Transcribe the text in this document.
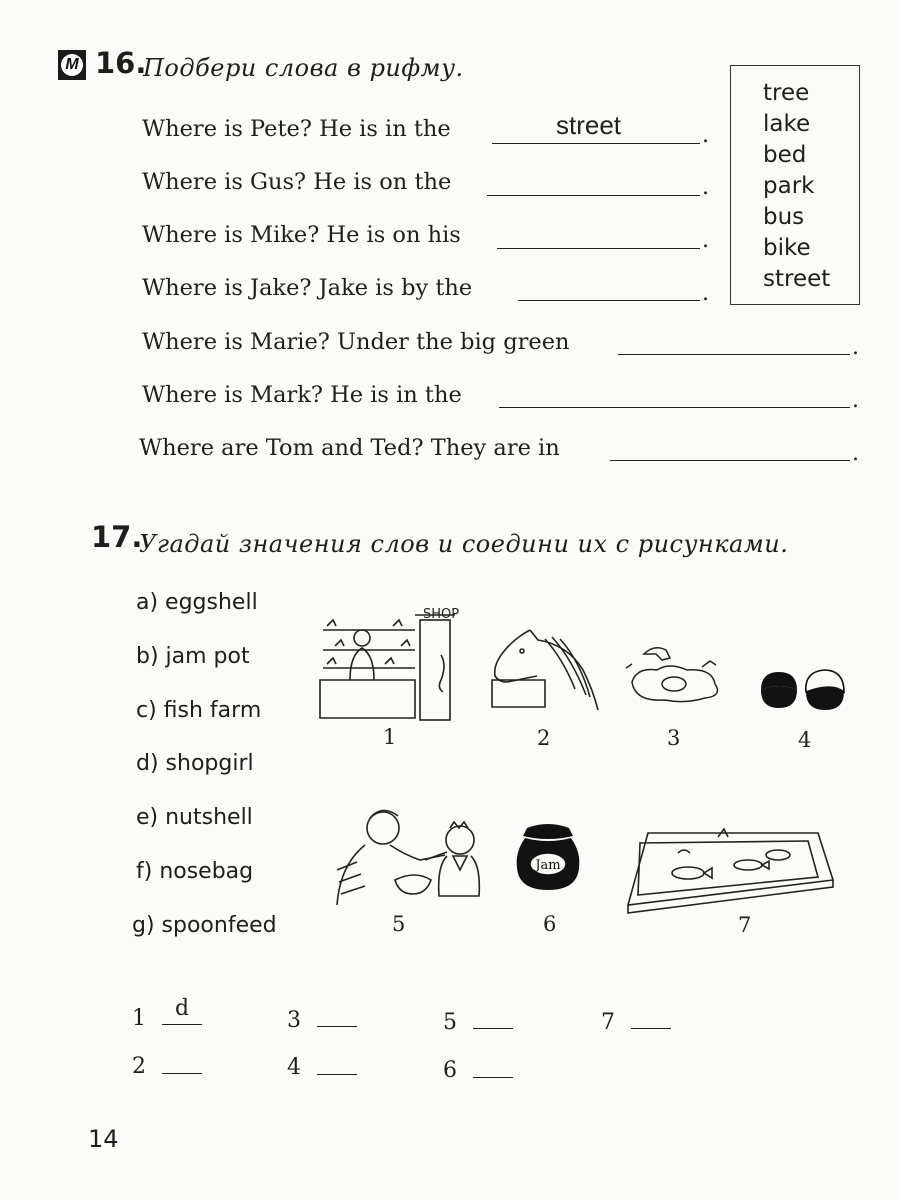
M 16.
Подбери слова в рифму.
Where is Pete? He is in the	street	.
Where is Gus? He is on the	.
Where is Mike? He is on his	.
Where is Jake? Jake is by the	.
Where is Marie? Under the big green	.
Where is Mark? He is in the	.
Where are Tom and Ted? They are in	.
tree
lake
bed
park
bus
bike
street
17.
Угадай значения слов и соедини их с рисунками.
a) eggshell
b) jam pot
c) fish farm
d) shopgirl
e) nutshell
f) nosebag
g) spoonfeed
SHOP
1	2	3	4
5
Jam
6	7
1 d
2
3
4
5
6
7
14
